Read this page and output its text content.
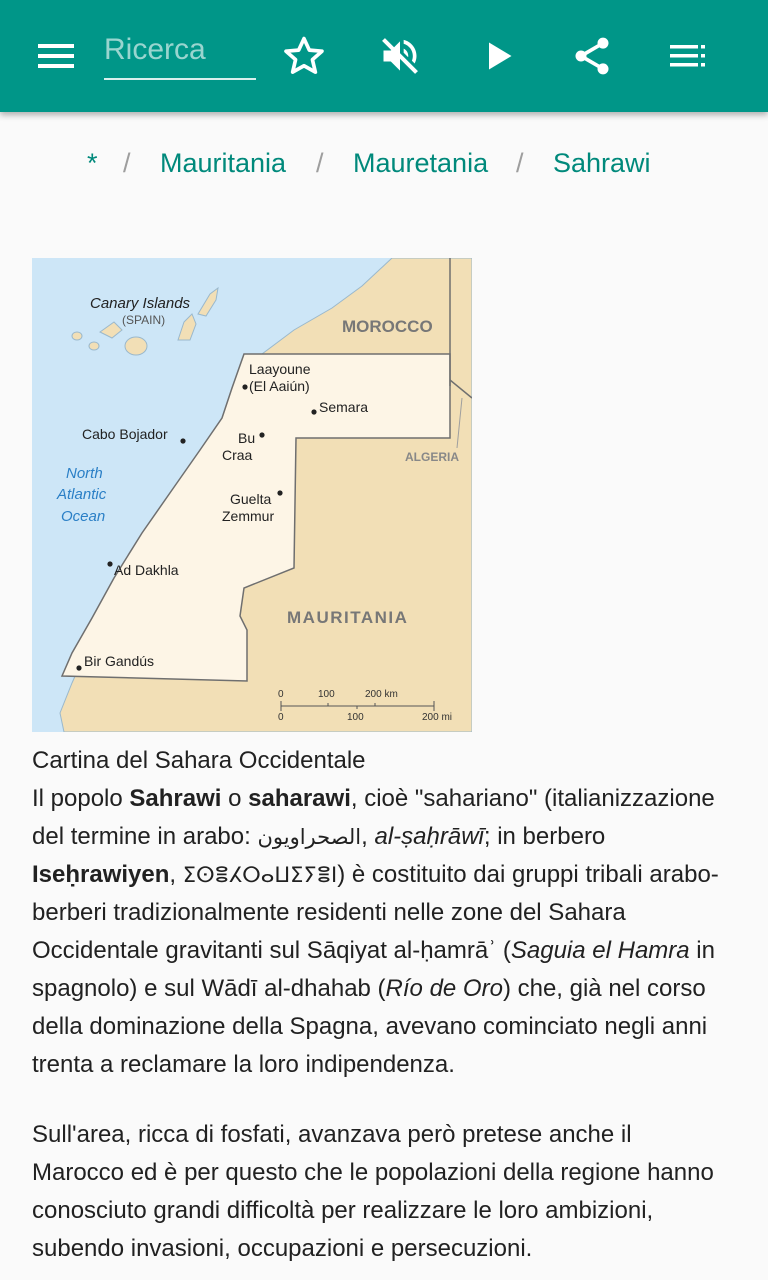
Ricerca
* / Mauritania / Mauretania / Sahrawi
Canary Islands
(SPAIN)	MOROCCO
ALGERIA
MAURITANIA
North
Atlantic
Ocean
Laayoune
(El Aaiún)
Semara
Cabo Bojador	Bu
Craa
Guelta
Zemmur
Ad Dakhla
Bir Gandús
0	100	200 km
0	100	200 mi

Cartina del Sahara Occidentale

Il popolo Sahrawi o saharawi, cioè "sahariano" (italianizzazione del termine in arabo: الصحراويون, al-ṣaḥrāwī; in berbero Iseḥrawiyen, ⵉⵙⴻⵃⵔⴰⵡⵉⵢⴻⵏ) è costituito dai gruppi tribali arabo-berberi tradizionalmente residenti nelle zone del Sahara Occidentale gravitanti sul Sāqiyat al-ḥamrāʾ (Saguia el Hamra in spagnolo) e sul Wādī al-dhahab (Río de Oro) che, già nel corso della dominazione della Spagna, avevano cominciato negli anni trenta a reclamare la loro indipendenza.

Sull'area, ricca di fosfati, avanzava però pretese anche il Marocco ed è per questo che le popolazioni della regione hanno conosciuto grandi difficoltà per realizzare le loro ambizioni, subendo invasioni, occupazioni e persecuzioni.
